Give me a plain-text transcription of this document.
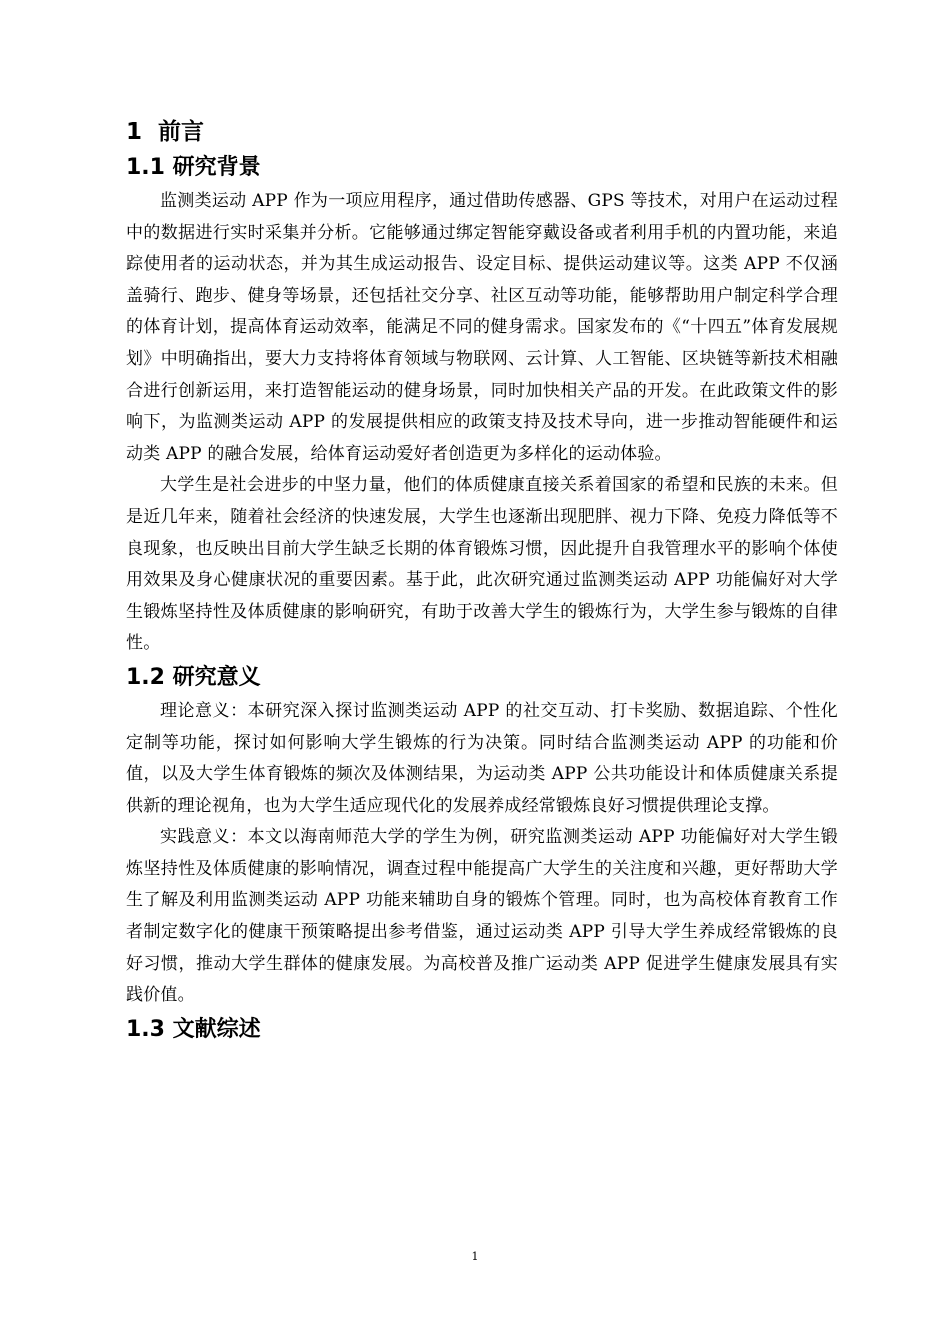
1  前言
1.1 研究背景

监测类运动 APP 作为一项应用程序，通过借助传感器、GPS 等技术，对用户在运动过程中的数据进行实时采集并分析。它能够通过绑定智能穿戴设备或者利用手机的内置功能，来追踪使用者的运动状态，并为其生成运动报告、设定目标、提供运动建议等。这类 APP 不仅涵盖骑行、跑步、健身等场景，还包括社交分享、社区互动等功能，能够帮助用户制定科学合理的体育计划，提高体育运动效率，能满足不同的健身需求。国家发布的《“十四五”体育发展规划》中明确指出，要大力支持将体育领域与物联网、云计算、人工智能、区块链等新技术相融合进行创新运用，来打造智能运动的健身场景，同时加快相关产品的开发。在此政策文件的影响下，为监测类运动 APP 的发展提供相应的政策支持及技术导向，进一步推动智能硬件和运动类 APP 的融合发展，给体育运动爱好者创造更为多样化的运动体验。

大学生是社会进步的中坚力量，他们的体质健康直接关系着国家的希望和民族的未来。但是近几年来，随着社会经济的快速发展，大学生也逐渐出现肥胖、视力下降、免疫力降低等不良现象，也反映出目前大学生缺乏长期的体育锻炼习惯，因此提升自我管理水平的影响个体使用效果及身心健康状况的重要因素。基于此，此次研究通过监测类运动 APP 功能偏好对大学生锻炼坚持性及体质健康的影响研究，有助于改善大学生的锻炼行为，大学生参与锻炼的自律性。

1.2 研究意义

理论意义：本研究深入探讨监测类运动 APP 的社交互动、打卡奖励、数据追踪、个性化定制等功能，探讨如何影响大学生锻炼的行为决策。同时结合监测类运动 APP 的功能和价值，以及大学生体育锻炼的频次及体测结果，为运动类 APP 公共功能设计和体质健康关系提供新的理论视角，也为大学生适应现代化的发展养成经常锻炼良好习惯提供理论支撑。

实践意义：本文以海南师范大学的学生为例，研究监测类运动 APP 功能偏好对大学生锻炼坚持性及体质健康的影响情况，调查过程中能提高广大学生的关注度和兴趣，更好帮助大学生了解及利用监测类运动 APP 功能来辅助自身的锻炼个管理。同时，也为高校体育教育工作者制定数字化的健康干预策略提出参考借鉴，通过运动类 APP 引导大学生养成经常锻炼的良好习惯，推动大学生群体的健康发展。为高校普及推广运动类 APP 促进学生健康发展具有实践价值。

1.3 文献综述
1
